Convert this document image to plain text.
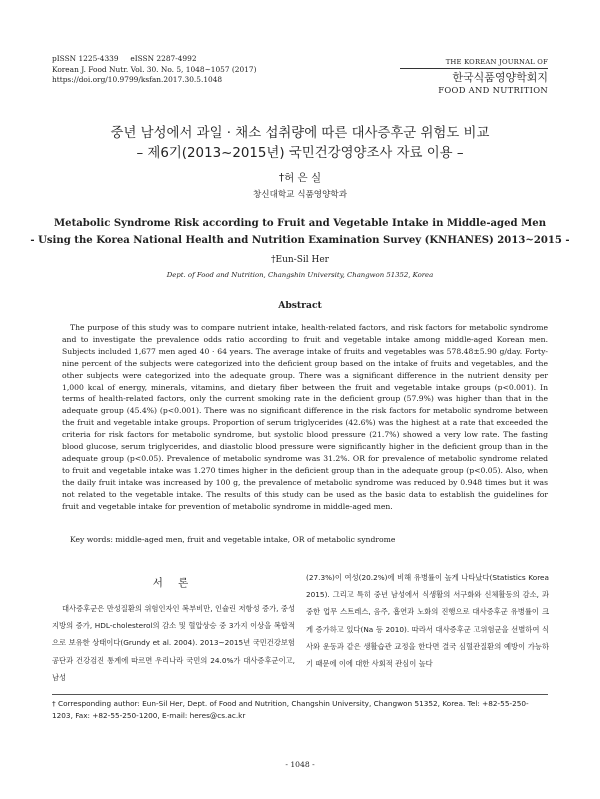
pISSN 1225-4339     eISSN 2287-4992
Korean J. Food Nutr. Vol. 30. No. 5, 1048~1057 (2017)
https://doi.org/10.9799/ksfan.2017.30.5.1048
THE KOREAN JOURNAL OF
한국식품영양학회지
FOOD AND NUTRITION
중년 남성에서 과일 · 채소 섭취량에 따른 대사증후군 위험도 비교
– 제6기(2013~2015년) 국민건강영양조사 자료 이용 –
†허 은 실
창신대학교 식품영양학과
Metabolic Syndrome Risk according to Fruit and Vegetable Intake in Middle-aged Men
- Using the Korea National Health and Nutrition Examination Survey (KNHANES) 2013~2015 -
†Eun-Sil Her
Dept. of Food and Nutrition, Changshin University, Changwon 51352, Korea
Abstract
The purpose of this study was to compare nutrient intake, health-related factors, and risk factors for metabolic syndrome and to investigate the prevalence odds ratio according to fruit and vegetable intake among middle-aged Korean men. Subjects included 1,677 men aged 40 · 64 years. The average intake of fruits and vegetables was 578.48±5.90 g/day. Forty-nine percent of the subjects were categorized into the deficient group based on the intake of fruits and vegetables, and the other subjects were categorized into the adequate group. There was a significant difference in the nutrient density per 1,000 kcal of energy, minerals, vitamins, and dietary fiber between the fruit and vegetable intake groups (p<0.001). In terms of health-related factors, only the current smoking rate in the deficient group (57.9%) was higher than that in the adequate group (45.4%) (p<0.001). There was no significant difference in the risk factors for metabolic syndrome between the fruit and vegetable intake groups. Proportion of serum triglycerides (42.6%) was the highest at a rate that exceeded the criteria for risk factors for metabolic syndrome, but systolic blood pressure (21.7%) showed a very low rate. The fasting blood glucose, serum triglycerides, and diastolic blood pressure were significantly higher in the deficient group than in the adequate group (p<0.05). Prevalence of metabolic syndrome was 31.2%. OR for prevalence of metabolic syndrome related to fruit and vegetable intake was 1.270 times higher in the deficient group than in the adequate group (p<0.05). Also, when the daily fruit intake was increased by 100 g, the prevalence of metabolic syndrome was reduced by 0.948 times but it was not related to the vegetable intake. The results of this study can be used as the basic data to establish the guidelines for fruit and vegetable intake for prevention of metabolic syndrome in middle-aged men.
Key words: middle-aged men, fruit and vegetable intake, OR of metabolic syndrome
서 론
대사증후군은 만성질환의 위험인자인 복부비만, 인슐린 저항성 증가, 중성지방의 증가, HDL-cholesterol의 감소 및 혈압상승 중 3가지 이상을 복합적으로 보유한 상태이다(Grundy et al. 2004). 2013~2015년 국민건강보험공단과 건강검진 통계에 따르면 우리나라 국민의 24.0%가 대사증후군이고, 남성
(27.3%)이 여성(20.2%)에 비해 유병률이 높게 나타났다(Statistics Korea 2015). 그리고 특히 중년 남성에서 식생활의 서구화와 신체활동의 감소, 과중한 업무 스트레스, 음주, 흡연과 노화의 진행으로 대사증후군 유병률이 크게 증가하고 있다(Na 등 2010). 따라서 대사증후군 고위험군을 선별하여 식사와 운동과 같은 생활습관 교정을 한다면 결국 심혈관질환의 예방이 가능하기 때문에 이에 대한 사회적 관심이 높다
† Corresponding author: Eun-Sil Her, Dept. of Food and Nutrition, Changshin University, Changwon 51352, Korea. Tel: +82-55-250-1203, Fax: +82-55-250-1200, E-mail: heres@cs.ac.kr
- 1048 -
